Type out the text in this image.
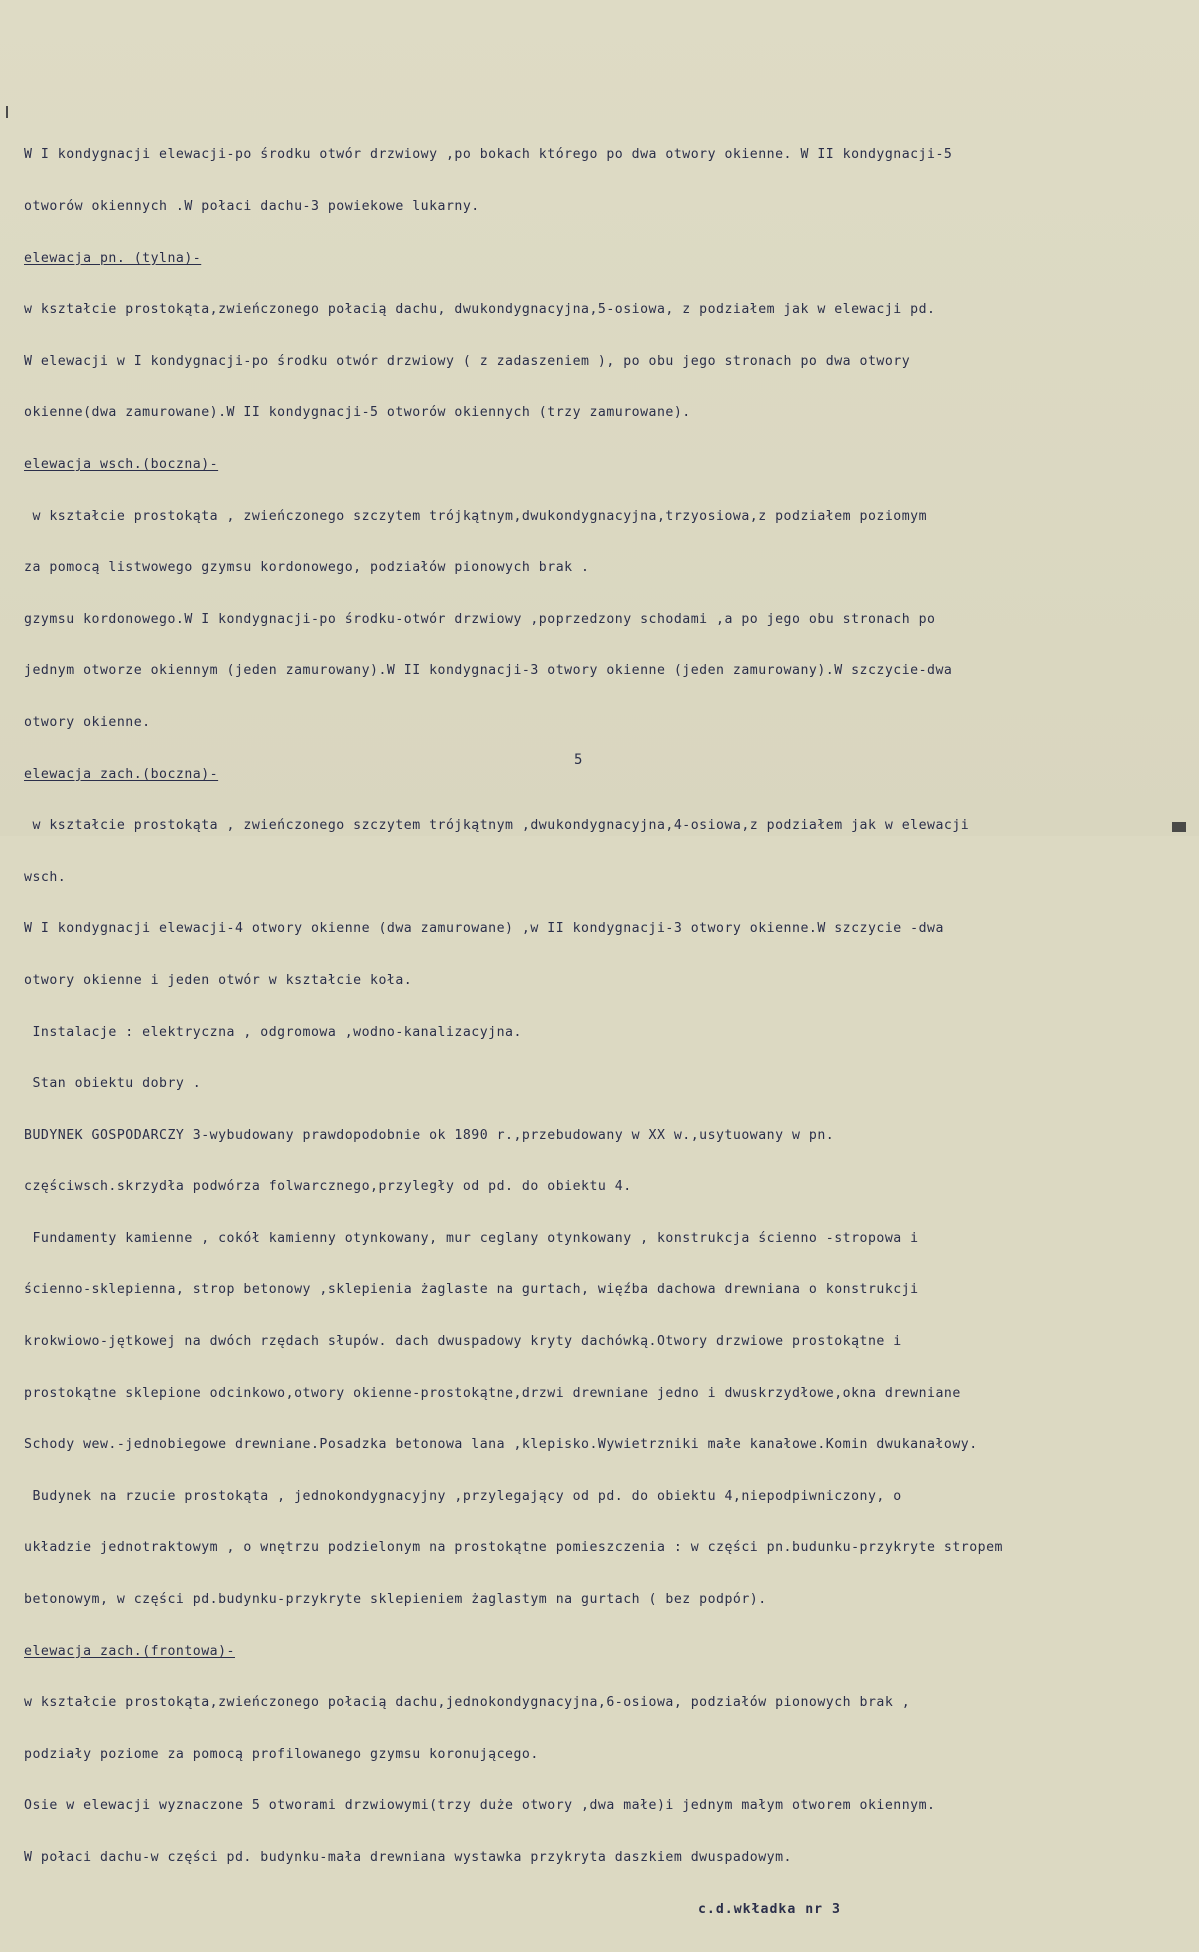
W I kondygnacji elewacji-po środku otwór drzwiowy ,po bokach którego po dwa otwory okienne. W II kondygnacji-5

otworów okiennych .W połaci dachu-3 powiekowe lukarny.

elewacja pn. (tylna)-

w kształcie prostokąta,zwieńczonego połacią dachu, dwukondygnacyjna,5-osiowa, z podziałem jak w elewacji pd.

W elewacji w I kondygnacji-po środku otwór drzwiowy ( z zadaszeniem ), po obu jego stronach po dwa otwory

okienne(dwa zamurowane).W II kondygnacji-5 otworów okiennych (trzy zamurowane).

elewacja wsch.(boczna)-

w kształcie prostokąta , zwieńczonego szczytem trójkątnym,dwukondygnacyjna,trzyosiowa,z podziałem poziomym

za pomocą listwowego gzymsu kordonowego, podziałów pionowych brak .

gzymsu kordonowego.W I kondygnacji-po środku-otwór drzwiowy ,poprzedzony schodami ,a po jego obu stronach po

jednym otworze okiennym (jeden zamurowany).W II kondygnacji-3 otwory okienne (jeden zamurowany).W szczycie-dwa

otwory okienne.

elewacja zach.(boczna)-

w kształcie prostokąta , zwieńczonego szczytem trójkątnym ,dwukondygnacyjna,4-osiowa,z podziałem jak w elewacji

wsch.

W I kondygnacji elewacji-4 otwory okienne (dwa zamurowane) ,w II kondygnacji-3 otwory okienne.W szczycie -dwa

otwory okienne i jeden otwór w kształcie koła.

Instalacje : elektryczna , odgromowa ,wodno-kanalizacyjna.

Stan obiektu dobry .

BUDYNEK GOSPODARCZY 3-wybudowany prawdopodobnie ok 1890 r.,przebudowany w XX w.,usytuowany w pn.

częściwsch.skrzydła podwórza folwarcznego,przyległy od pd. do obiektu 4.

Fundamenty kamienne , cokół kamienny otynkowany, mur ceglany otynkowany , konstrukcja ścienno -stropowa i

ścienno-sklepienna, strop betonowy ,sklepienia żaglaste na gurtach, więźba dachowa drewniana o konstrukcji

krokwiowo-jętkowej na dwóch rzędach słupów. dach dwuspadowy kryty dachówką.Otwory drzwiowe prostokątne i

prostokątne sklepione odcinkowo,otwory okienne-prostokątne,drzwi drewniane jedno i dwuskrzydłowe,okna drewniane

Schody wew.-jednobiegowe drewniane.Posadzka betonowa lana ,klepisko.Wywietrzniki małe kanałowe.Komin dwukanałowy.

Budynek na rzucie prostokąta , jednokondygnacyjny ,przylegający od pd. do obiektu 4,niepodpiwniczony, o

układzie jednotraktowym , o wnętrzu podzielonym na prostokątne pomieszczenia : w części pn.budunku-przykryte stropem

betonowym, w części pd.budynku-przykryte sklepieniem żaglastym na gurtach ( bez podpór).

elewacja zach.(frontowa)-

w kształcie prostokąta,zwieńczonego połacią dachu,jednokondygnacyjna,6-osiowa, podziałów pionowych brak ,

podziały poziome za pomocą profilowanego gzymsu koronującego.

Osie w elewacji wyznaczone 5 otworami drzwiowymi(trzy duże otwory ,dwa małe)i jednym małym otworem okiennym.

W połaci dachu-w części pd. budynku-mała drewniana wystawka przykryta daszkiem dwuspadowym.

c.d.wkładka nr 3

5
